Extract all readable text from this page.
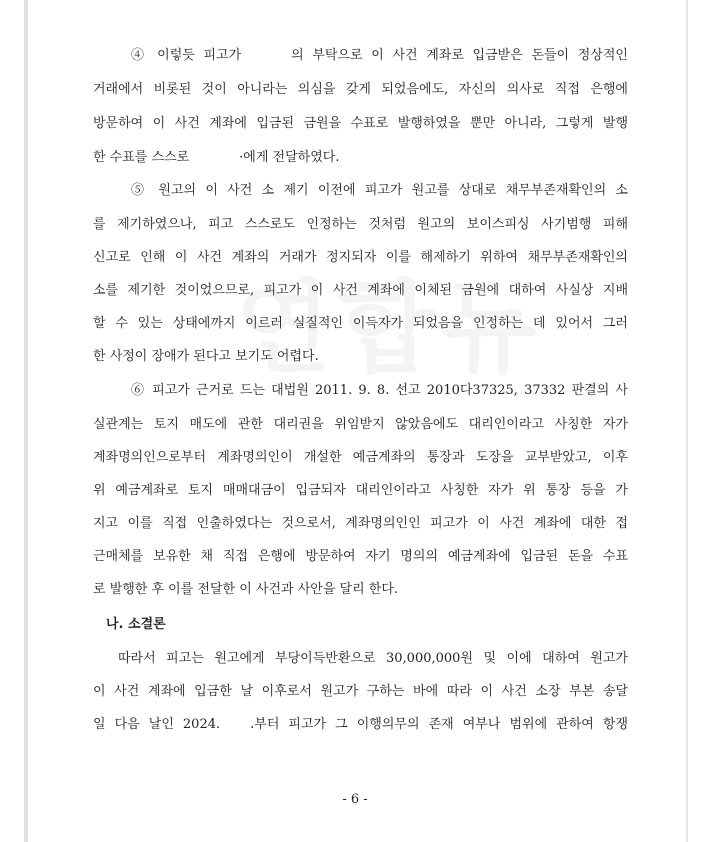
④ 이렇듯 피고가	의 부탁으로 이 사건 계좌로 입금받은 돈들이 정상적인
거래에서 비롯된 것이 아니라는 의심을 갖게 되었음에도, 자신의 의사로 직접 은행에
방문하여 이 사건 계좌에 입금된 금원을 수표로 발행하였을 뿐만 아니라, 그렇게 발행
한 수표를 스스로	·에게 전달하였다.
⑤ 원고의 이 사건 소 제기 이전에 피고가 원고를 상대로 채무부존재확인의 소
를 제기하였으나, 피고 스스로도 인정하는 것처럼 원고의 보이스피싱 사기범행 피해
신고로 인해 이 사건 계좌의 거래가 정지되자 이를 해제하기 위하여 채무부존재확인의
소를 제기한 것이었으므로, 피고가 이 사건 계좌에 이체된 금원에 대하여 사실상 지배
할 수 있는 상태에까지 이르러 실질적인 이득자가 되었음을 인정하는 데 있어서 그러
한 사정이 장애가 된다고 보기도 어렵다.
⑥ 피고가 근거로 드는 대법원 2011. 9. 8. 선고 2010다37325, 37332 판결의 사
실관계는 토지 매도에 관한 대리권을 위임받지 않았음에도 대리인이라고 사칭한 자가
계좌명의인으로부터 계좌명의인이 개설한 예금계좌의 통장과 도장을 교부받았고, 이후
위 예금계좌로 토지 매매대금이 입금되자 대리인이라고 사칭한 자가 위 통장 등을 가
지고 이를 직접 인출하였다는 것으로서, 계좌명의인인 피고가 이 사건 계좌에 대한 접
근매체를 보유한 채 직접 은행에 방문하여 자기 명의의 예금계좌에 입금된 돈을 수표
로 발행한 후 이를 전달한 이 사건과 사안을 달리 한다.
나. 소결론
따라서 피고는 원고에게 부당이득반환으로 30,000,000원 및 이에 대하여 원고가
이 사건 계좌에 입금한 날 이후로서 원고가 구하는 바에 따라 이 사건 소장 부본 송달
일 다음 날인 2024. .부터 피고가 그 이행의무의 존재 여부나 범위에 관하여 항쟁
- 6 -
